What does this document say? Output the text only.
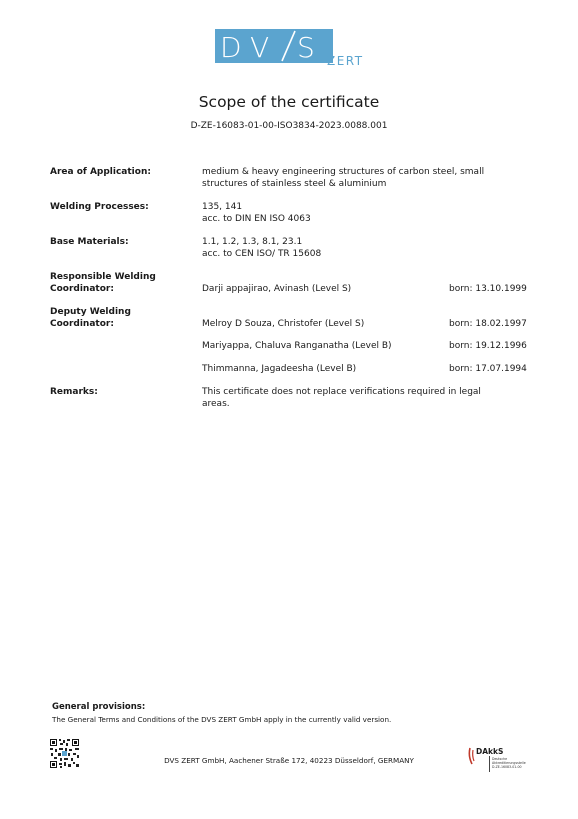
D V S ZERT
Scope of the certificate
D-ZE-16083-01-00-ISO3834-2023.0088.001
Area of Application:	medium & heavy engineering structures of carbon steel, small
structures of stainless steel & aluminium
Welding Processes:	135, 141
acc. to DIN EN ISO 4063
Base Materials:	1.1, 1.2, 1.3, 8.1, 23.1
acc. to CEN ISO/ TR 15608
Responsible Welding
Coordinator:	Darji appajirao, Avinash (Level S)	born: 13.10.1999
Deputy Welding
Coordinator:	Melroy D Souza, Christofer (Level S)	born: 18.02.1997
Mariyappa, Chaluva Ranganatha (Level B)	born: 19.12.1996
Thimmanna, Jagadeesha (Level B)	born: 17.07.1994
Remarks:	This certificate does not replace verifications required in legal
areas.
General provisions:
The General Terms and Conditions of the DVS ZERT GmbH apply in the currently valid version.
DVS ZERT GmbH, Aachener Straße 172, 40223 Düsseldorf, GERMANY
DAkkS
Deutsche
Akkreditierungsstelle
D-ZE-16083-01-00
